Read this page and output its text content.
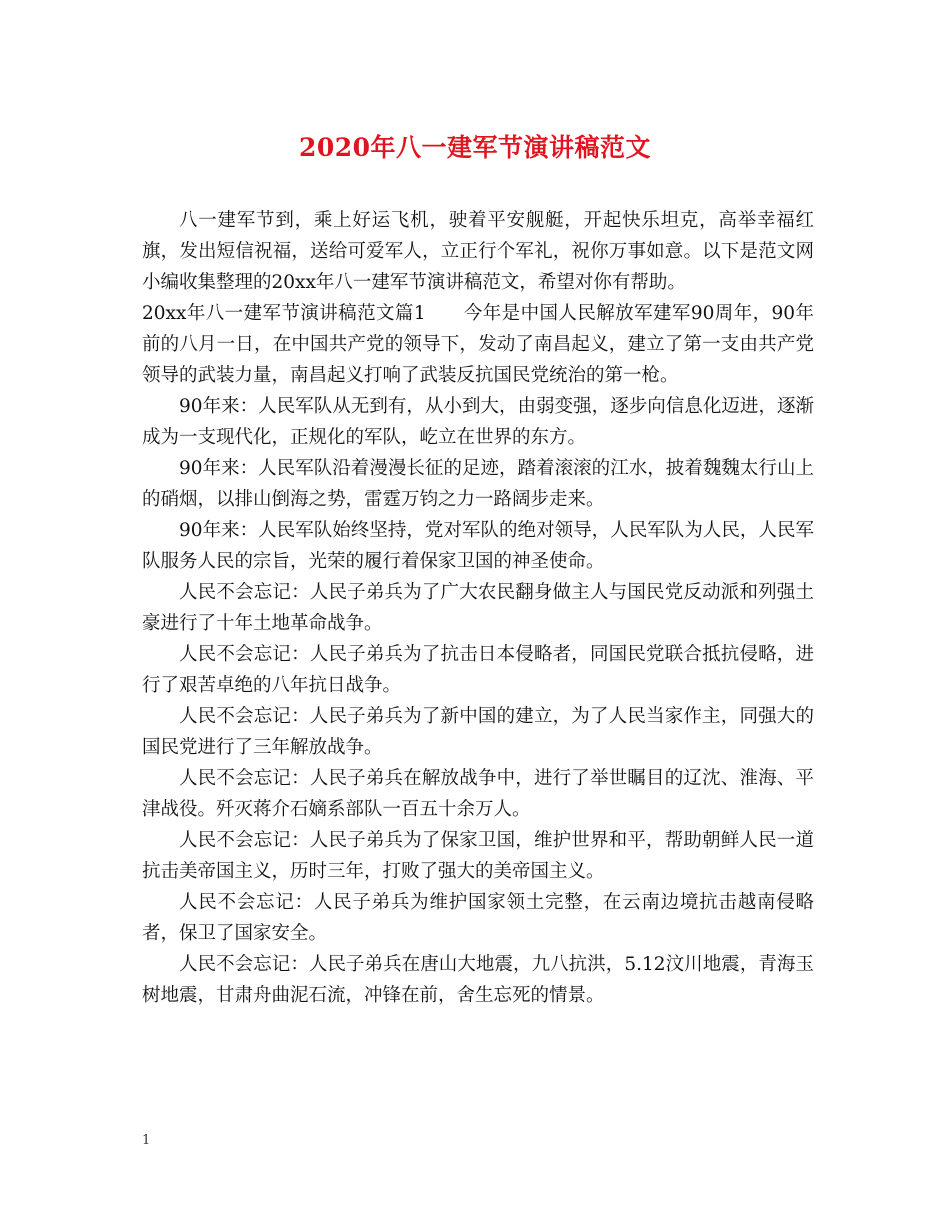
2020年八一建军节演讲稿范文

八一建军节到，乘上好运飞机，驶着平安舰艇，开起快乐坦克，高举幸福红旗，发出短信祝福，送给可爱军人，立正行个军礼，祝你万事如意。以下是范文网小编收集整理的20xx年八一建军节演讲稿范文，希望对你有帮助。

20xx年八一建军节演讲稿范文篇1　　今年是中国人民解放军建军90周年，90年前的八月一日，在中国共产党的领导下，发动了南昌起义，建立了第一支由共产党领导的武装力量，南昌起义打响了武装反抗国民党统治的第一枪。

90年来：人民军队从无到有，从小到大，由弱变强，逐步向信息化迈进，逐渐成为一支现代化，正规化的军队，屹立在世界的东方。

90年来：人民军队沿着漫漫长征的足迹，踏着滚滚的江水，披着魏魏太行山上的硝烟，以排山倒海之势，雷霆万钧之力一路阔步走来。

90年来：人民军队始终坚持，党对军队的绝对领导，人民军队为人民，人民军队服务人民的宗旨，光荣的履行着保家卫国的神圣使命。

人民不会忘记：人民子弟兵为了广大农民翻身做主人与国民党反动派和列强土豪进行了十年土地革命战争。

人民不会忘记：人民子弟兵为了抗击日本侵略者，同国民党联合抵抗侵略，进行了艰苦卓绝的八年抗日战争。

人民不会忘记：人民子弟兵为了新中国的建立，为了人民当家作主，同强大的国民党进行了三年解放战争。

人民不会忘记：人民子弟兵在解放战争中，进行了举世瞩目的辽沈、淮海、平津战役。歼灭蒋介石嫡系部队一百五十余万人。

人民不会忘记：人民子弟兵为了保家卫国，维护世界和平，帮助朝鲜人民一道抗击美帝国主义，历时三年，打败了强大的美帝国主义。

人民不会忘记：人民子弟兵为维护国家领土完整，在云南边境抗击越南侵略者，保卫了国家安全。

人民不会忘记：人民子弟兵在唐山大地震，九八抗洪，5.12汶川地震，青海玉树地震，甘肃舟曲泥石流，冲锋在前，舍生忘死的情景。

1
